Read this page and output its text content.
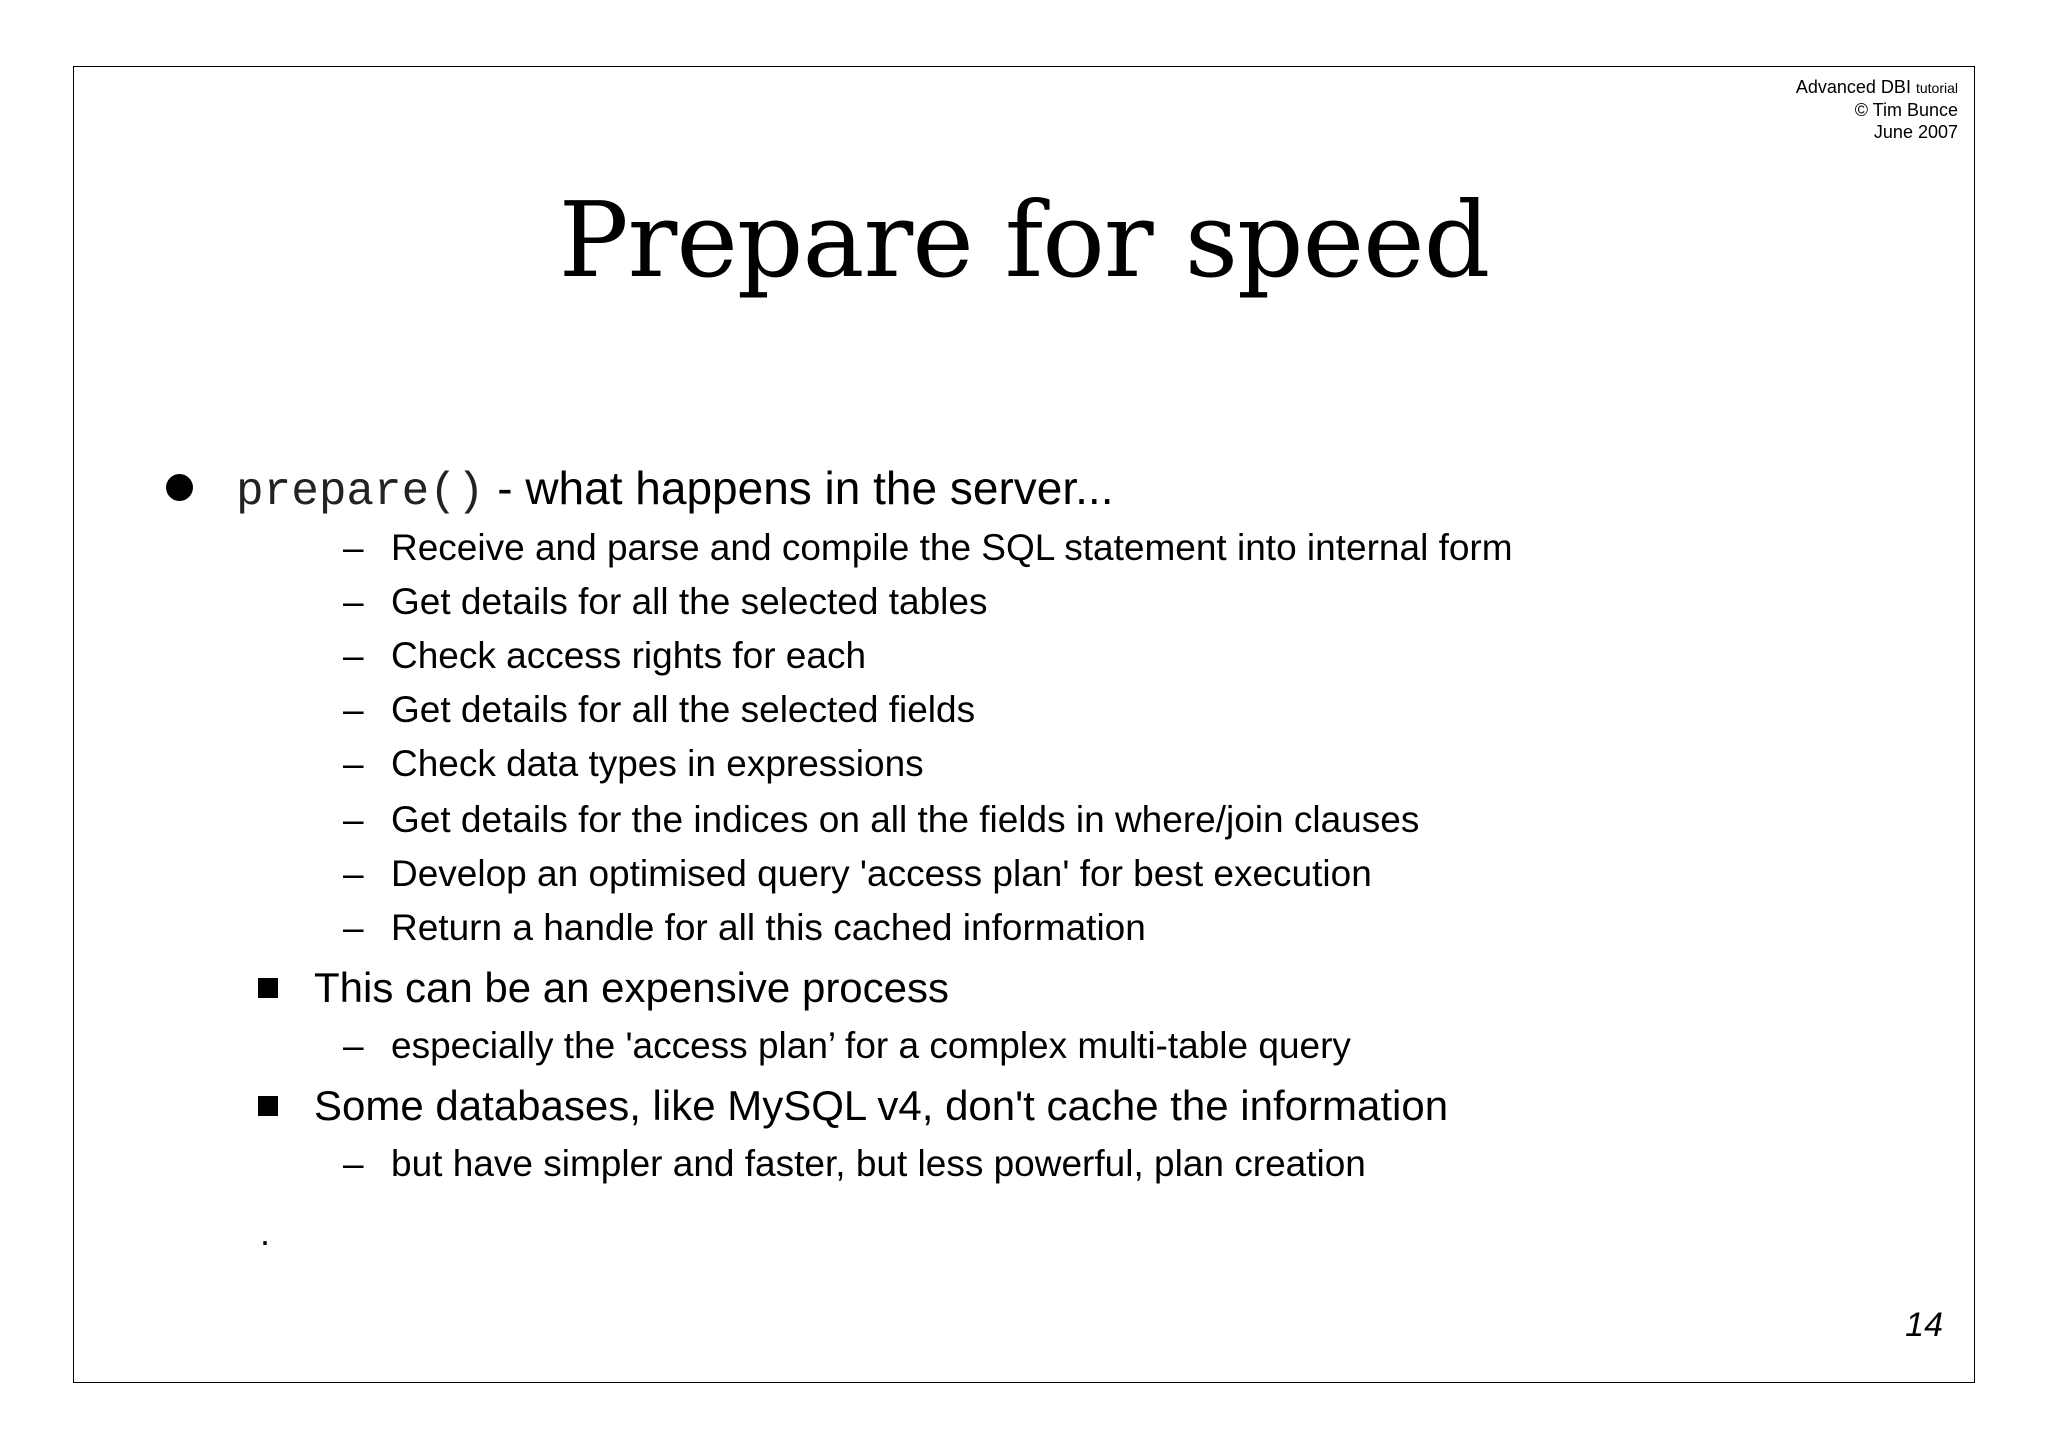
Advanced DBI tutorial
© Tim Bunce
June 2007
Prepare for speed
prepare() - what happens in the server...
– Receive and parse and compile the SQL statement into internal form
– Get details for all the selected tables
– Check access rights for each
– Get details for all the selected fields
– Check data types in expressions
– Get details for the indices on all the fields in where/join clauses
– Develop an optimised query 'access plan' for best execution
– Return a handle for all this cached information
This can be an expensive process
– especially the 'access plan’ for a complex multi-table query
Some databases, like MySQL v4, don't cache the information
– but have simpler and faster, but less powerful, plan creation
.
14
